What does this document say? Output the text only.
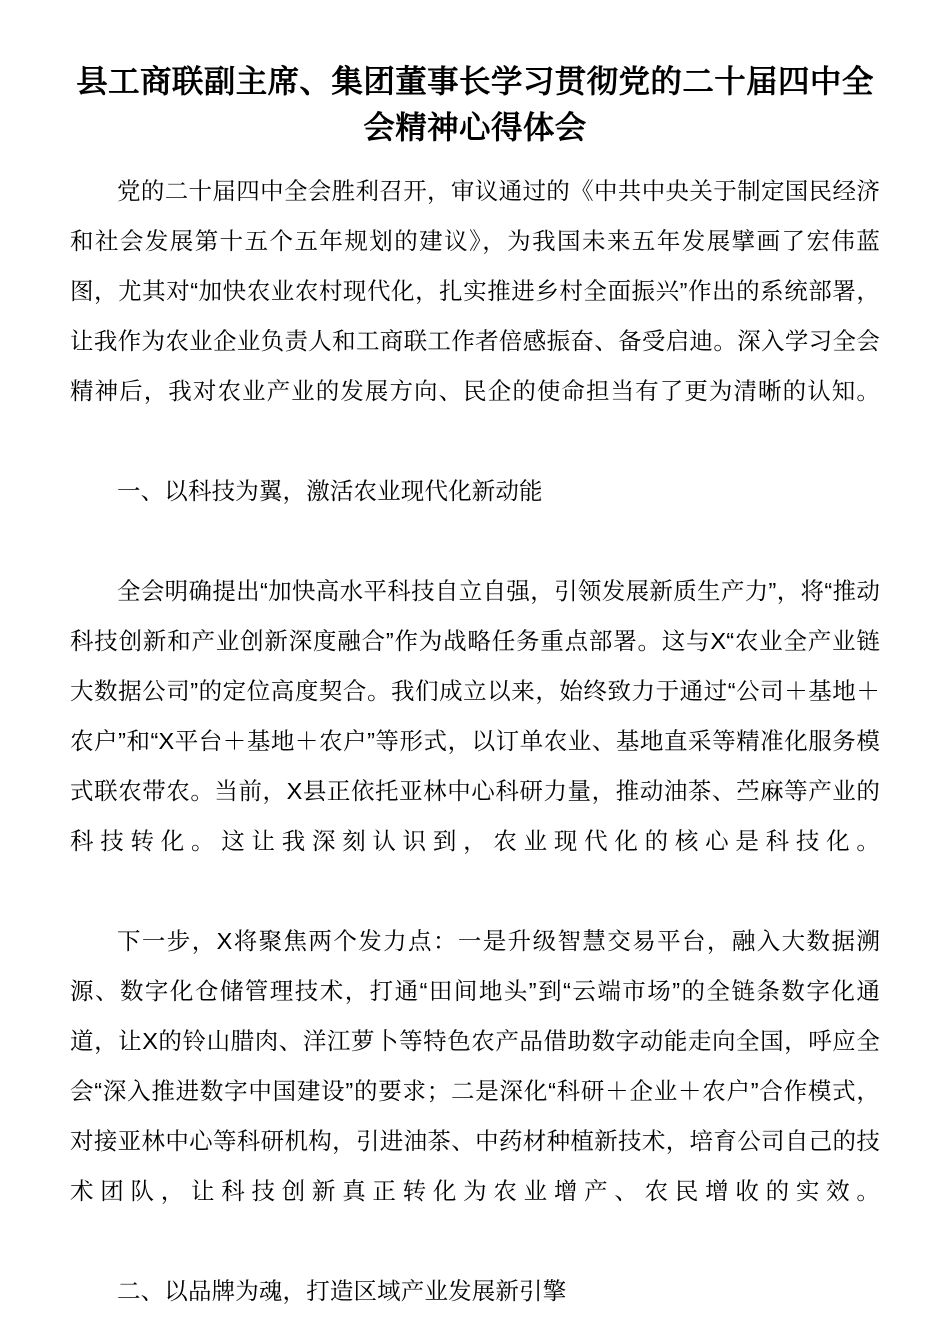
县工商联副主席、集团董事长学习贯彻党的二十届四中全会精神心得体会

党的二十届四中全会胜利召开，审议通过的《中共中央关于制定国民经济和社会发展第十五个五年规划的建议》，为我国未来五年发展擘画了宏伟蓝图，尤其对“加快农业农村现代化，扎实推进乡村全面振兴”作出的系统部署，让我作为农业企业负责人和工商联工作者倍感振奋、备受启迪。深入学习全会精神后，我对农业产业的发展方向、民企的使命担当有了更为清晰的认知。

一、以科技为翼，激活农业现代化新动能

全会明确提出“加快高水平科技自立自强，引领发展新质生产力”，将“推动科技创新和产业创新深度融合”作为战略任务重点部署。这与X“农业全产业链大数据公司”的定位高度契合。我们成立以来，始终致力于通过“公司＋基地＋农户”和“X平台＋基地＋农户”等形式，以订单农业、基地直采等精准化服务模式联农带农。当前，X县正依托亚林中心科研力量，推动油茶、苎麻等产业的科技转化。这让我深刻认识到，农业现代化的核心是科技化。

下一步，X将聚焦两个发力点：一是升级智慧交易平台，融入大数据溯源、数字化仓储管理技术，打通“田间地头”到“云端市场”的全链条数字化通道，让X的铃山腊肉、洋江萝卜等特色农产品借助数字动能走向全国，呼应全会“深入推进数字中国建设”的要求；二是深化“科研＋企业＋农户”合作模式，对接亚林中心等科研机构，引进油茶、中药材种植新技术，培育公司自己的技术团队，让科技创新真正转化为农业增产、农民增收的实效。

二、以品牌为魂，打造区域产业发展新引擎
